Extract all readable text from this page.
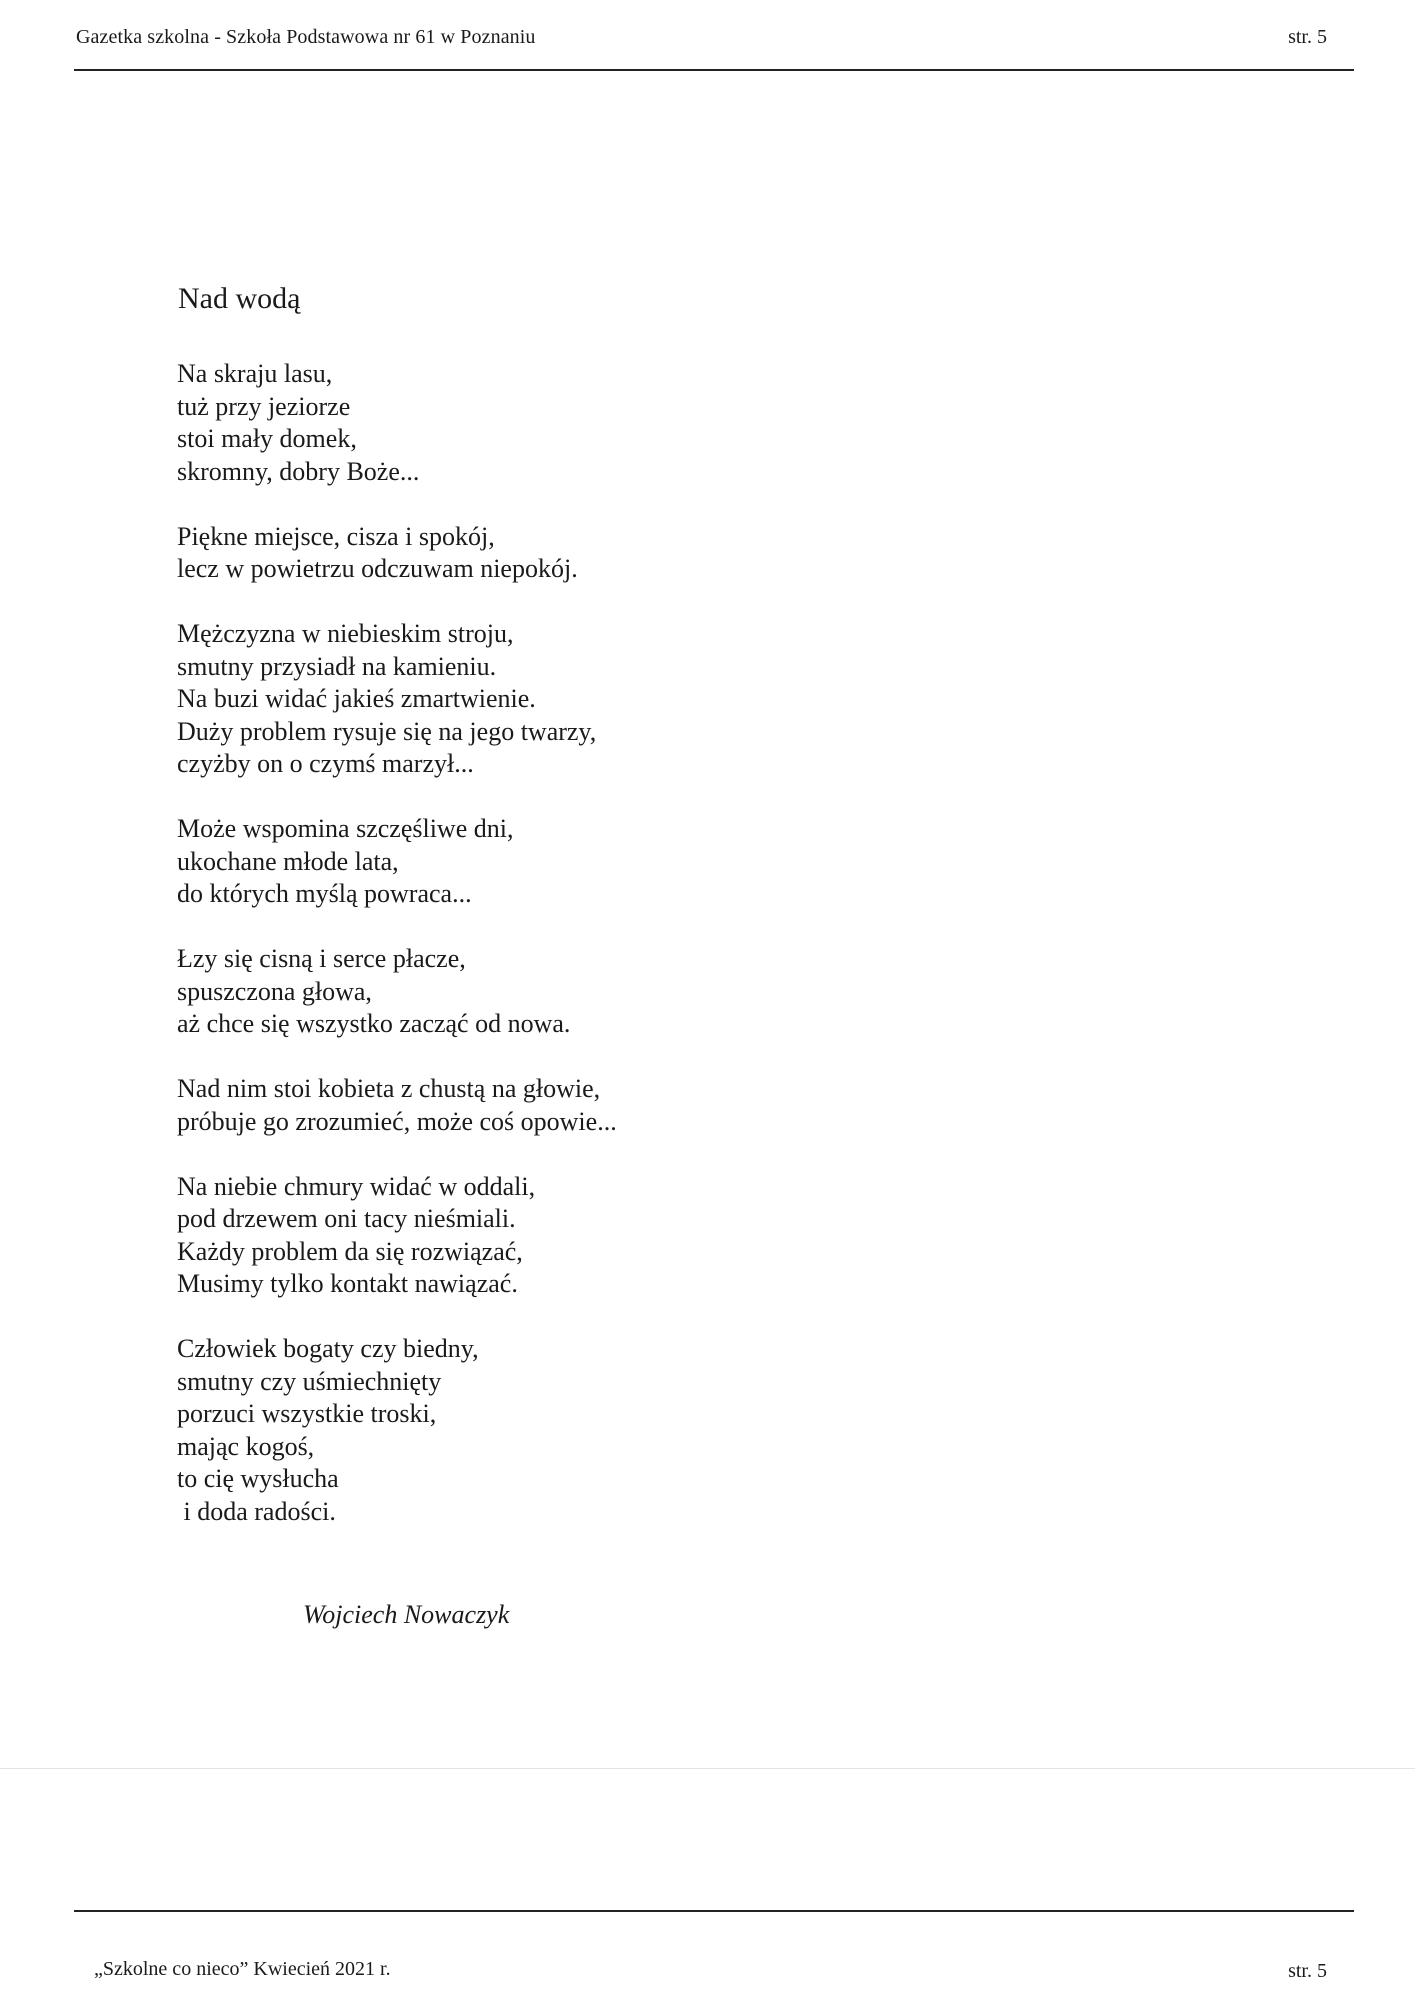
Gazetka szkolna - Szkoła Podstawowa nr 61 w Poznaniu	str. 5
Nad wodą

Na skraju lasu,
tuż przy jeziorze
stoi mały domek,
skromny, dobry Boże...

Piękne miejsce, cisza i spokój,
lecz w powietrzu odczuwam niepokój.

Mężczyzna w niebieskim stroju,
smutny przysiadł na kamieniu.
Na buzi widać jakieś zmartwienie.
Duży problem rysuje się na jego twarzy,
czyżby on o czymś marzył...

Może wspomina szczęśliwe dni,
ukochane młode lata,
do których myślą powraca...

Łzy się cisną i serce płacze,
spuszczona głowa,
aż chce się wszystko zacząć od nowa.

Nad nim stoi kobieta z chustą na głowie,
próbuje go zrozumieć, może coś opowie...

Na niebie chmury widać w oddali,
pod drzewem oni tacy nieśmiali.
Każdy problem da się rozwiązać,
Musimy tylko kontakt nawiązać.

Człowiek bogaty czy biedny,
smutny czy uśmiechnięty
porzuci wszystkie troski,
mając kogoś,
to cię wysłucha
i doda radości.

Wojciech Nowaczyk
„Szkolne co nieco” Kwiecień 2021 r.	str. 5
